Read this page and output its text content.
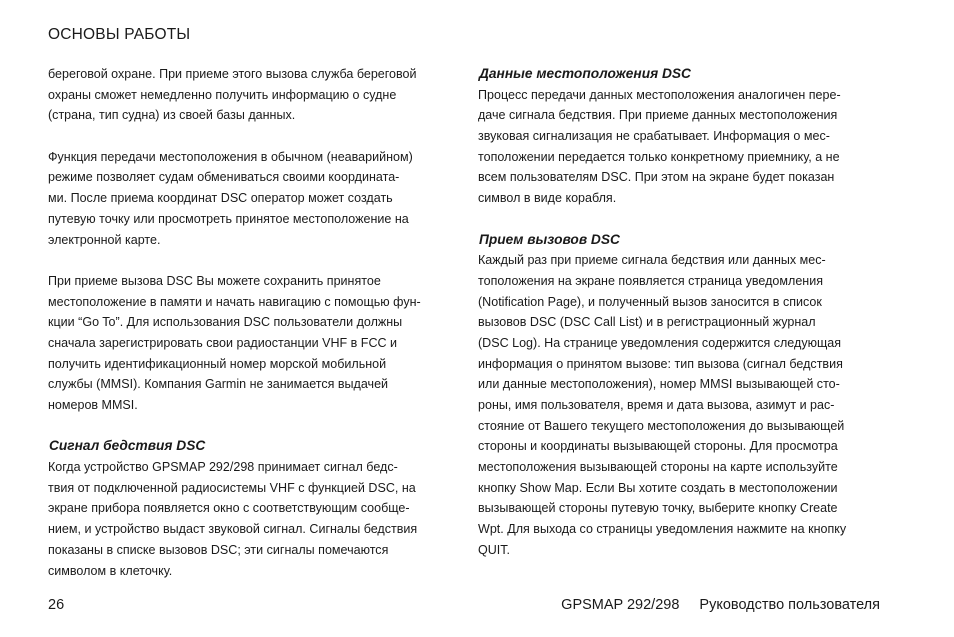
ОСНОВЫ РАБОТЫ
береговой охране. При приеме этого вызова служба береговой
охраны сможет немедленно получить информацию о судне
(страна, тип судна) из своей базы данных.
Функция передачи местоположения в обычном (неаварийном)
режиме позволяет судам обмениваться своими координата-
ми. После приема координат DSC оператор может создать
путевую точку или просмотреть принятое местоположение на
электронной карте.
При приеме вызова DSC Вы можете сохранить принятое
местоположение в памяти и начать навигацию с помощью фун-
кции “Go To”. Для использования DSC пользователи должны
сначала зарегистрировать свои радиостанции VHF в FCC и
получить идентификационный номер морской мобильной
службы (MMSI). Компания Garmin не занимается выдачей
номеров MMSI.
Сигнал бедствия DSC
Когда устройство GPSMAP 292/298 принимает сигнал бедс-
твия от подключенной радиосистемы VHF с функцией DSC, на
экране прибора появляется окно с соответствующим сообще-
нием, и устройство выдаст звуковой сигнал. Сигналы бедствия
показаны в списке вызовов DSC; эти сигналы помечаются
символом в клеточку.
Данные местоположения DSC
Процесс передачи данных местоположения аналогичен пере-
даче сигнала бедствия. При приеме данных местоположения
звуковая сигнализация не срабатывает. Информация о мес-
тоположении передается только конкретному приемнику, а не
всем пользователям DSC. При этом на экране будет показан
символ в виде корабля.
Прием вызовов DSC
Каждый раз при приеме сигнала бедствия или данных мес-
тоположения на экране появляется страница уведомления
(Notification Page), и полученный вызов заносится в список
вызовов DSC (DSC Call List) и в регистрационный журнал
(DSC Log). На странице уведомления содержится следующая
информация о принятом вызове: тип вызова (сигнал бедствия
или данные местоположения), номер MMSI вызывающей сто-
роны, имя пользователя, время и дата вызова, азимут и рас-
стояние от Вашего текущего местоположения до вызывающей
стороны и координаты вызывающей стороны. Для просмотра
местоположения вызывающей стороны на карте используйте
кнопку Show Map. Если Вы хотите создать в местоположении
вызывающей стороны путевую точку, выберите кнопку Create
Wpt. Для выхода со страницы уведомления нажмите на кнопку
QUIT.
26	GPSMAP 292/298 Руководство пользователя
